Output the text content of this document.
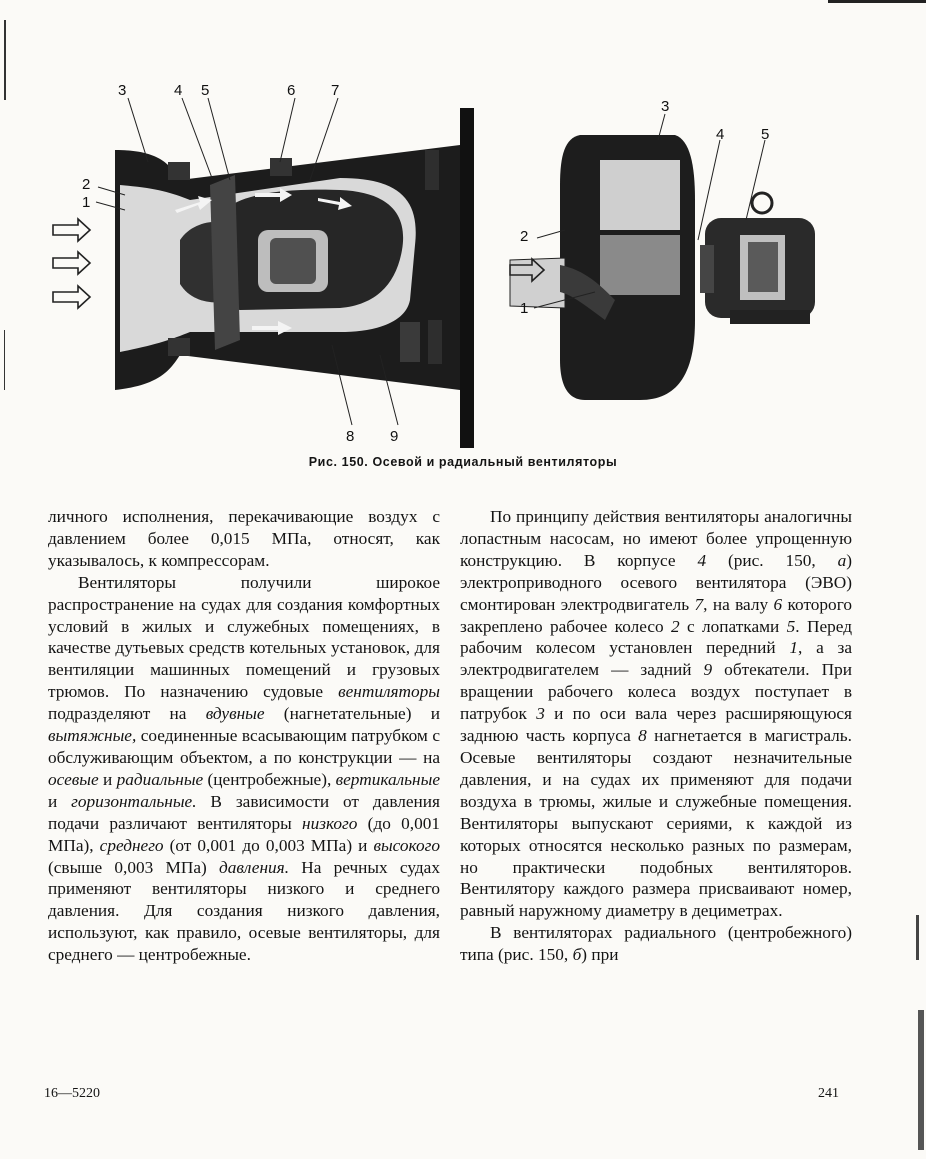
3	4 5	6 7
2
1
8 9
3
4 5
2
1
Рис. 150. Осевой и радиальный вентиляторы

личного исполнения, перекачивающие воздух с давлением более 0,015 МПа, относят, как указывалось, к компрессорам.

Вентиляторы получили широкое распространение на судах для создания комфортных условий в жилых и служебных помещениях, в качестве дутьевых средств котельных установок, для вентиляции машинных помещений и грузовых трюмов. По назначению судовые вентиляторы подразделяют на вдувные (нагнетательные) и вытяжные, соединенные всасывающим патрубком с обслуживающим объектом, а по конструкции — на осевые и радиальные (центробежные), вертикальные и горизонтальные. В зависимости от давления подачи различают вентиляторы низкого (до 0,001 МПа), среднего (от 0,001 до 0,003 МПа) и высокого (свыше 0,003 МПа) давления. На речных судах применяют вентиляторы низкого и среднего давления. Для создания низкого давления, используют, как правило, осевые вентиляторы, для среднего — центробежные.

По принципу действия вентиляторы аналогичны лопастным насосам, но имеют более упрощенную конструкцию. В корпусе 4 (рис. 150, а) электроприводного осевого вентилятора (ЭВО) смонтирован электродвигатель 7, на валу 6 которого закреплено рабочее колесо 2 с лопатками 5. Перед рабочим колесом установлен передний 1, а за электродвигателем — задний 9 обтекатели. При вращении рабочего колеса воздух поступает в патрубок 3 и по оси вала через расширяющуюся заднюю часть корпуса 8 нагнетается в магистраль. Осевые вентиляторы создают незначительные давления, и на судах их применяют для подачи воздуха в трюмы, жилые и служебные помещения. Вентиляторы выпускают сериями, к каждой из которых относятся несколько разных по размерам, но практически подобных вентиляторов. Вентилятору каждого размера присваивают номер, равный наружному диаметру в дециметрах.

В вентиляторах радиального (центробежного) типа (рис. 150, б) при

16—5220	241
